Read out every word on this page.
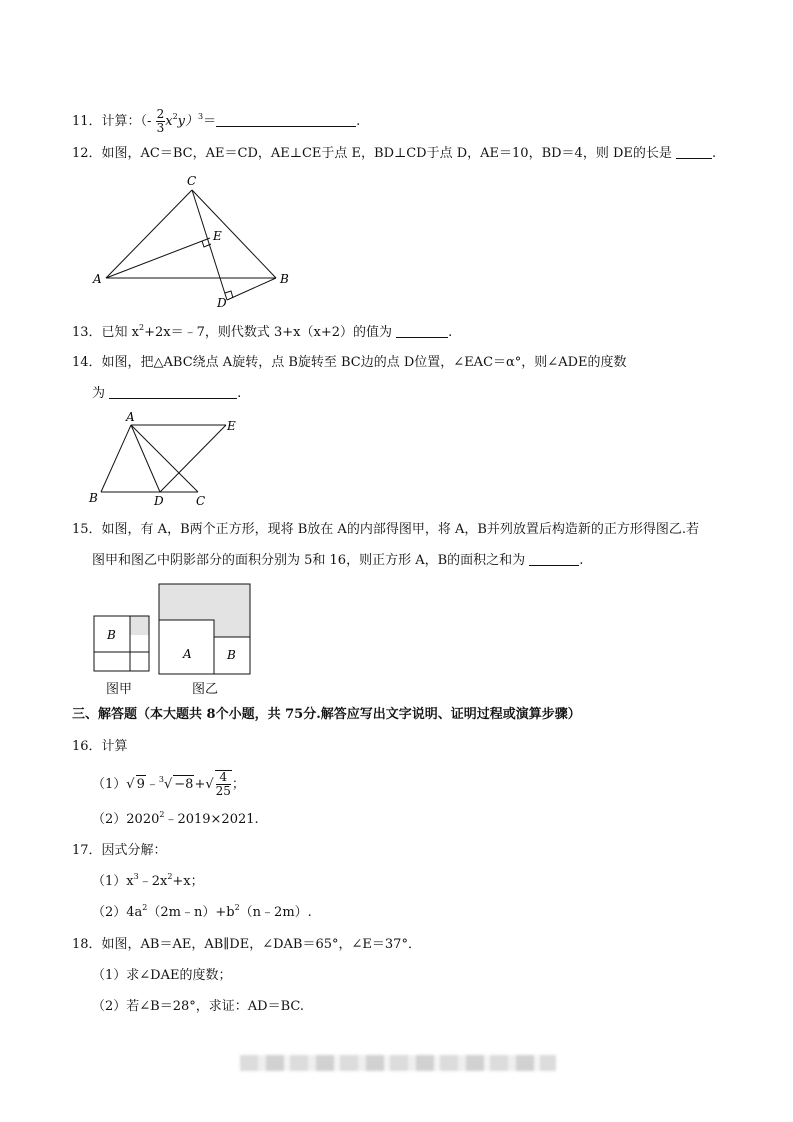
11．计算：（- $\frac{2}{3} x^2y)^3=$	.
12．如图，AC＝BC，AE＝CD，AE⊥CE于点 E，BD⊥CD于点 D，AE＝10，BD＝4，则 DE的长是	.
C
E
A	B
D
13．已知 $x^2+2x=﹣7$，则代数式 3+x（x+2）的值为	.
14．如图，把△ABC绕点 A旋转，点 B旋转至 BC边的点 D位置，∠EAC＝α°，则∠ADE的度数
为	.
A
E
B	D	C
15．如图，有 A，B两个正方形，现将 B放在 A的内部得图甲，将 A，B并列放置后构造新的正方形得图乙.若
图甲和图乙中阴影部分的面积分别为 5和 16，则正方形 A，B的面积之和为	.
B
A	B
图甲	图乙
三、解答题（本大题共 8个小题，共 75分.解答应写出文字说明、证明过程或演算步骤）
16．计算
（1）√ 9﹣$^3$√ $-8+√ \frac{4}{25}$ ；
$(2)2020^2﹣2019\times 2021$.
17．因式分解：
$(1)x^3﹣2x^2+x$；
$(2)4a^2(2m﹣n)+b^2(n﹣2m)$.
18．如图，AB＝AE，AB∥DE，∠DAB＝65°，∠E＝37°．
（1）求∠DAE的度数；
（2）若∠B＝28°，求证：AD＝BC.
